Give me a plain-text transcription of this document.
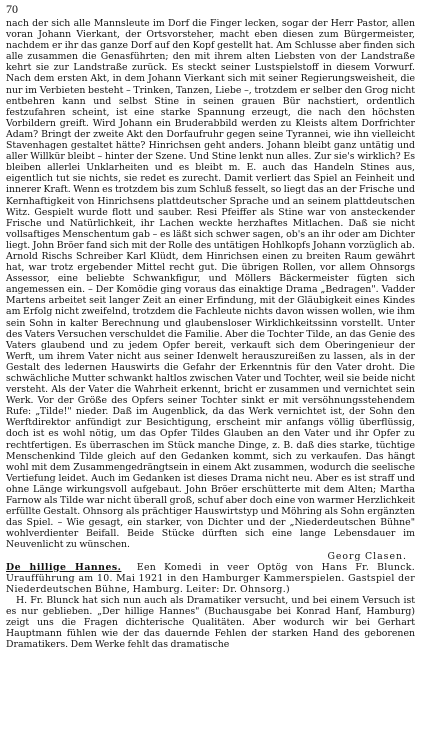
70

nach der sich alle Mannsleute im Dorf die Finger lecken, sogar der Herr Pastor, allen voran Johann Vierkant, der Ortsvorsteher, macht eben diesen zum Bürgermeister, nachdem er ihr das ganze Dorf auf den Kopf gestellt hat. Am Schlusse aber finden sich alle zusammen die Genasführten; den mit ihrem alten Liebsten von der Landstraße kehrt sie zur Landstraße zurück. Es steckt seiner Lustspielstoff in diesem Vorwurf. Nach dem ersten Akt, in dem Johann Vierkant sich mit seiner Regierungsweisheit, die nur im Verbieten besteht – Trinken, Tanzen, Liebe –, trotzdem er selber den Grog nicht entbehren kann und selbst Stine in seinen grauen Bür nachstiert, ordentlich festzufahren scheint, ist eine starke Spannung erzeugt, die nach den höchsten Vorbildern greift. Wird Johann ein Bruderabbild werden zu Kleists altem Dorfrichter Adam? Bringt der zweite Akt den Dorfaufruhr gegen seine Tyrannei, wie ihn vielleicht Stavenhagen gestaltet hätte? Hinrichsen geht anders. Johann bleibt ganz untätig und aller Willkür bleibt – hinter der Szene. Und Stine lenkt nun alles. Zur sie's wirklich? Es bleiben allerlei Unklarheiten und es bleibt m. E. auch das Handeln Stines aus, eigentlich tut sie nichts, sie redet es zurecht. Damit verliert das Spiel an Feinheit und innerer Kraft. Wenn es trotzdem bis zum Schluß fesselt, so liegt das an der Frische und Kernhaftigkeit von Hinrichsens plattdeutscher Sprache und an seinem plattdeutschen Witz. Gespielt wurde flott und sauber. Resi Pfeiffer als Stine war von ansteckender Frische und Natürlichkeit, ihr Lachen weckte herzhaftes Mitlachen. Daß sie nicht vollsaftiges Menschentum gab – es läßt sich schwer sagen, ob's an ihr oder am Dichter liegt. John Bröer fand sich mit der Rolle des untätigen Hohlkopfs Johann vorzüglich ab. Arnold Rischs Schreiber Karl Klüdt, dem Hinrichsen einen zu breiten Raum gewährt hat, war trotz ergebender Mittel recht gut. Die übrigen Rollen, vor allem Ohnsorgs Assessor, eine beliebte Schwankfigur, und Möllers Bäckermeister fügten sich angemessen ein. – Der Komödie ging voraus das einaktige Drama „Bedragen". Vadder Martens arbeitet seit langer Zeit an einer Erfindung, mit der Gläubigkeit eines Kindes am Erfolg nicht zweifelnd, trotzdem die Fachleute nichts davon wissen wollen, wie ihm sein Sohn in kalter Berechnung und glaubensloser Wirklichkeitssinn vorstellt. Unter des Vaters Versuchen verschuldet die Familie. Aber die Tochter Tilde, an das Genie des Vaters glaubend und zu jedem Opfer bereit, verkauft sich dem Oberingenieur der Werft, um ihrem Vater nicht aus seiner Idenwelt herauszureißen zu lassen, als in der Gestalt des ledernen Hauswirts die Gefahr der Erkenntnis für den Vater droht. Die schwächliche Mutter schwankt haltlos zwischen Vater und Tochter, weil sie beide nicht versteht. Als der Vater die Wahrheit erkennt, bricht er zusammen und vernichtet sein Werk. Vor der Größe des Opfers seiner Tochter sinkt er mit versöhnungsstehendem Rufe: „Tilde!" nieder. Daß im Augenblick, da das Werk vernichtet ist, der Sohn den Werftdirektor anfündigt zur Besichtigung, erscheint mir anfangs völlig überflüssig, doch ist es wohl nötig, um das Opfer Tildes Glauben an den Vater und ihr Opfer zu rechtfertigen. Es überraschen im Stück manche Dinge, z. B. daß dies starke, tüchtige Menschenkind Tilde gleich auf den Gedanken kommt, sich zu verkaufen. Das hängt wohl mit dem Zusammengedrängtsein in einem Akt zusammen, wodurch die seelische Vertiefung leidet. Auch im Gedanken ist dieses Drama nicht neu. Aber es ist straff und ohne Länge wirkungsvoll aufgebaut. John Bröer erschütterte mit dem Alten; Martha Farnow als Tilde war nicht überall groß, schuf aber doch eine von warmer Herzlichkeit erfüllte Gestalt. Ohnsorg als prächtiger Hauswirtstyp und Möhring als Sohn ergänzten das Spiel. – Wie gesagt, ein starker, von Dichter und der „Niederdeutschen Bühne" wohlverdienter Beifall. Beide Stücke dürften sich eine lange Lebensdauer im Neuvenlicht zu wünschen.

Georg Clasen.

De hillige Hannes. Een Komedi in veer Optög von Hans Fr. Blunck. Uraufführung am 10. Mai 1921 in den Hamburger Kammerspielen. Gastspiel der Niederdeutschen Bühne, Hamburg. Leiter: Dr. Ohnsorg.)

H. Fr. Blunck hat sich nun auch als Dramatiker versucht, und bei einem Versuch ist es nur geblieben. „Der hillige Hannes" (Buchausgabe bei Konrad Hanf, Hamburg) zeigt uns die Fragen dichterische Qualitäten. Aber wodurch wir bei Gerhart Hauptmann fühlen wie der das dauernde Fehlen der starken Hand des geborenen Dramatikers. Dem Werke fehlt das dramatische
